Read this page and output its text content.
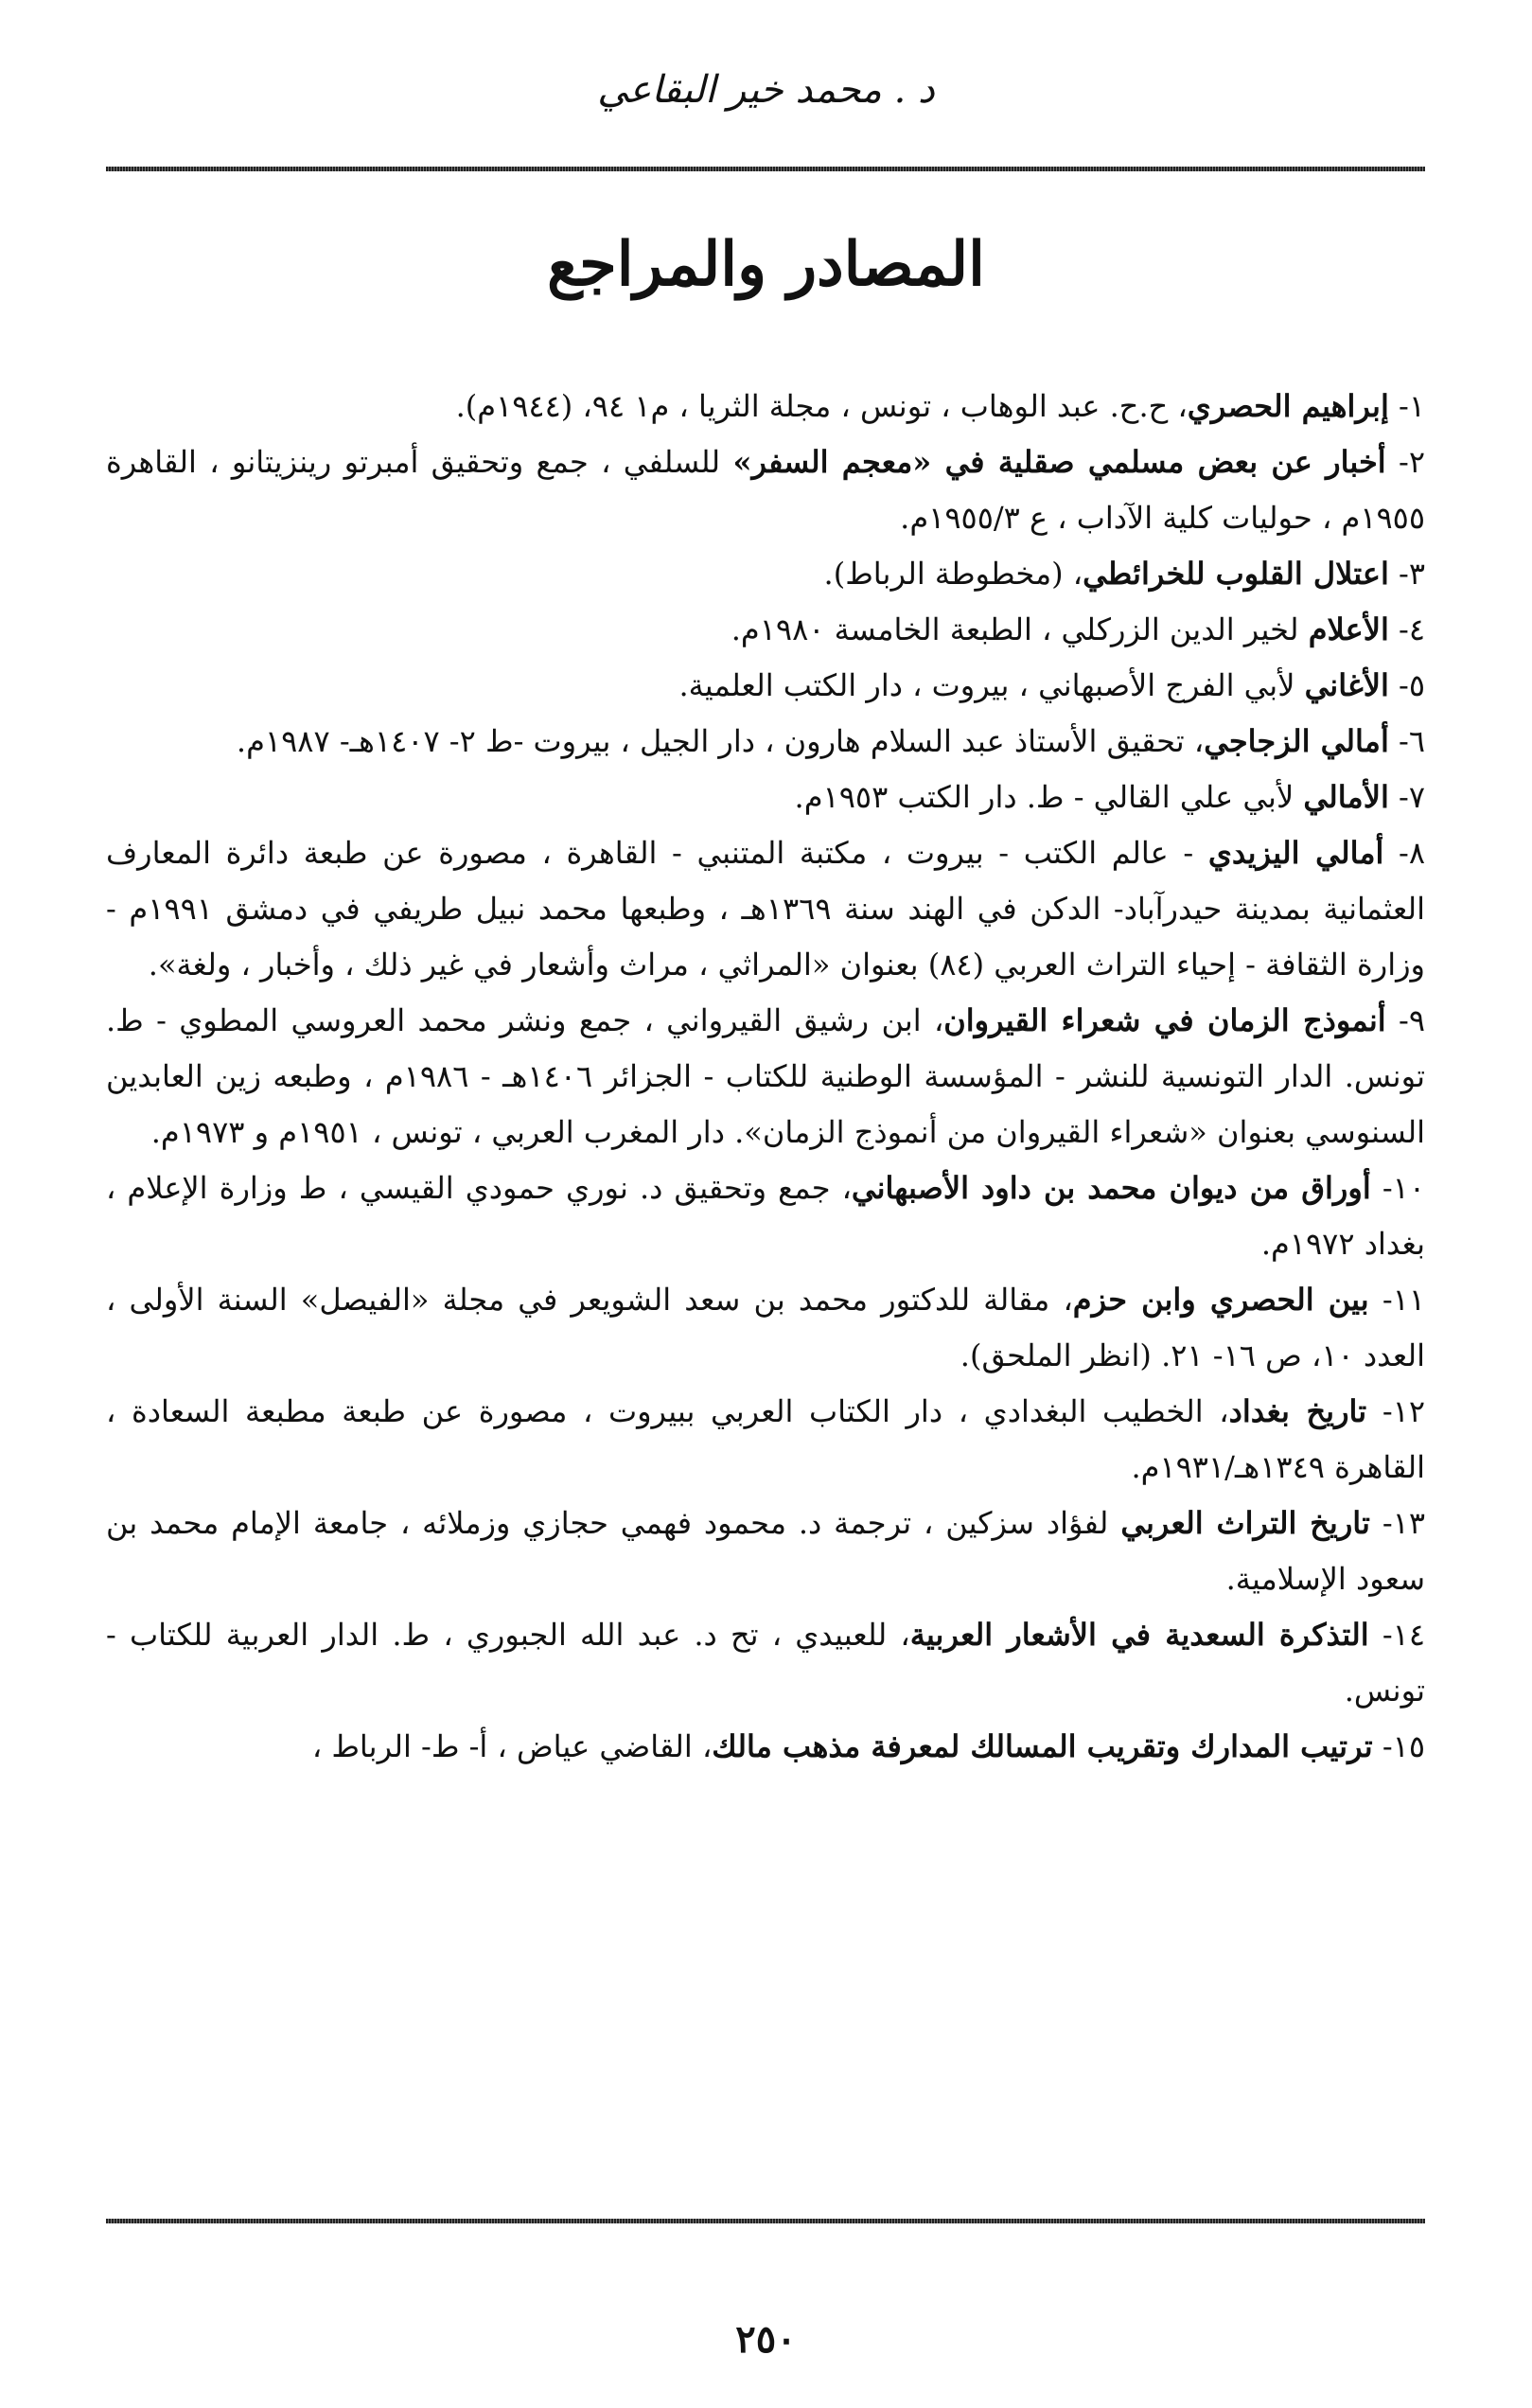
د . محمد خير البقاعي
المصادر والمراجع

١- إبراهيم الحصري، ح.ح. عبد الوهاب ، تونس ، مجلة الثريا ، م١ ٩٤، (١٩٤٤م).

٢- أخبار عن بعض مسلمي صقلية في «معجم السفر» للسلفي ، جمع وتحقيق أمبرتو رينزيتانو ، القاهرة ١٩٥٥م ، حوليات كلية الآداب ، ع ١٩٥٥/٣م.

٣- اعتلال القلوب للخرائطي، (مخطوطة الرباط).

٤- الأعلام لخير الدين الزركلي ، الطبعة الخامسة ١٩٨٠م.

٥- الأغاني لأبي الفرج الأصبهاني ، بيروت ، دار الكتب العلمية.

٦- أمالي الزجاجي، تحقيق الأستاذ عبد السلام هارون ، دار الجيل ، بيروت -ط ٢- ١٤٠٧هـ- ١٩٨٧م.

٧- الأمالي لأبي علي القالي - ط. دار الكتب ١٩٥٣م.

٨- أمالي اليزيدي - عالم الكتب - بيروت ، مكتبة المتنبي - القاهرة ، مصورة عن طبعة دائرة المعارف العثمانية بمدينة حيدرآباد- الدكن في الهند سنة ١٣٦٩هـ ، وطبعها محمد نبيل طريفي في دمشق ١٩٩١م - وزارة الثقافة - إحياء التراث العربي (٨٤) بعنوان «المراثي ، مراث وأشعار في غير ذلك ، وأخبار ، ولغة».

٩- أنموذج الزمان في شعراء القيروان، ابن رشيق القيرواني ، جمع ونشر محمد العروسي المطوي - ط. تونس. الدار التونسية للنشر - المؤسسة الوطنية للكتاب - الجزائر ١٤٠٦هـ - ١٩٨٦م ، وطبعه زين العابدين السنوسي بعنوان «شعراء القيروان من أنموذج الزمان». دار المغرب العربي ، تونس ، ١٩٥١م و ١٩٧٣م.

١٠- أوراق من ديوان محمد بن داود الأصبهاني، جمع وتحقيق د. نوري حمودي القيسي ، ط وزارة الإعلام ، بغداد ١٩٧٢م.

١١- بين الحصري وابن حزم، مقالة للدكتور محمد بن سعد الشويعر في مجلة «الفيصل» السنة الأولى ، العدد ١٠، ص ١٦- ٢١. (انظر الملحق).

١٢- تاريخ بغداد، الخطيب البغدادي ، دار الكتاب العربي ببيروت ، مصورة عن طبعة مطبعة السعادة ، القاهرة ١٣٤٩هـ/١٩٣١م.

١٣- تاريخ التراث العربي لفؤاد سزكين ، ترجمة د. محمود فهمي حجازي وزملائه ، جامعة الإمام محمد بن سعود الإسلامية.

١٤- التذكرة السعدية في الأشعار العربية، للعبيدي ، تح د. عبد الله الجبوري ، ط. الدار العربية للكتاب - تونس.

١٥- ترتيب المدارك وتقريب المسالك لمعرفة مذهب مالك، القاضي عياض ، أ- ط- الرباط ،

٢٥٠
